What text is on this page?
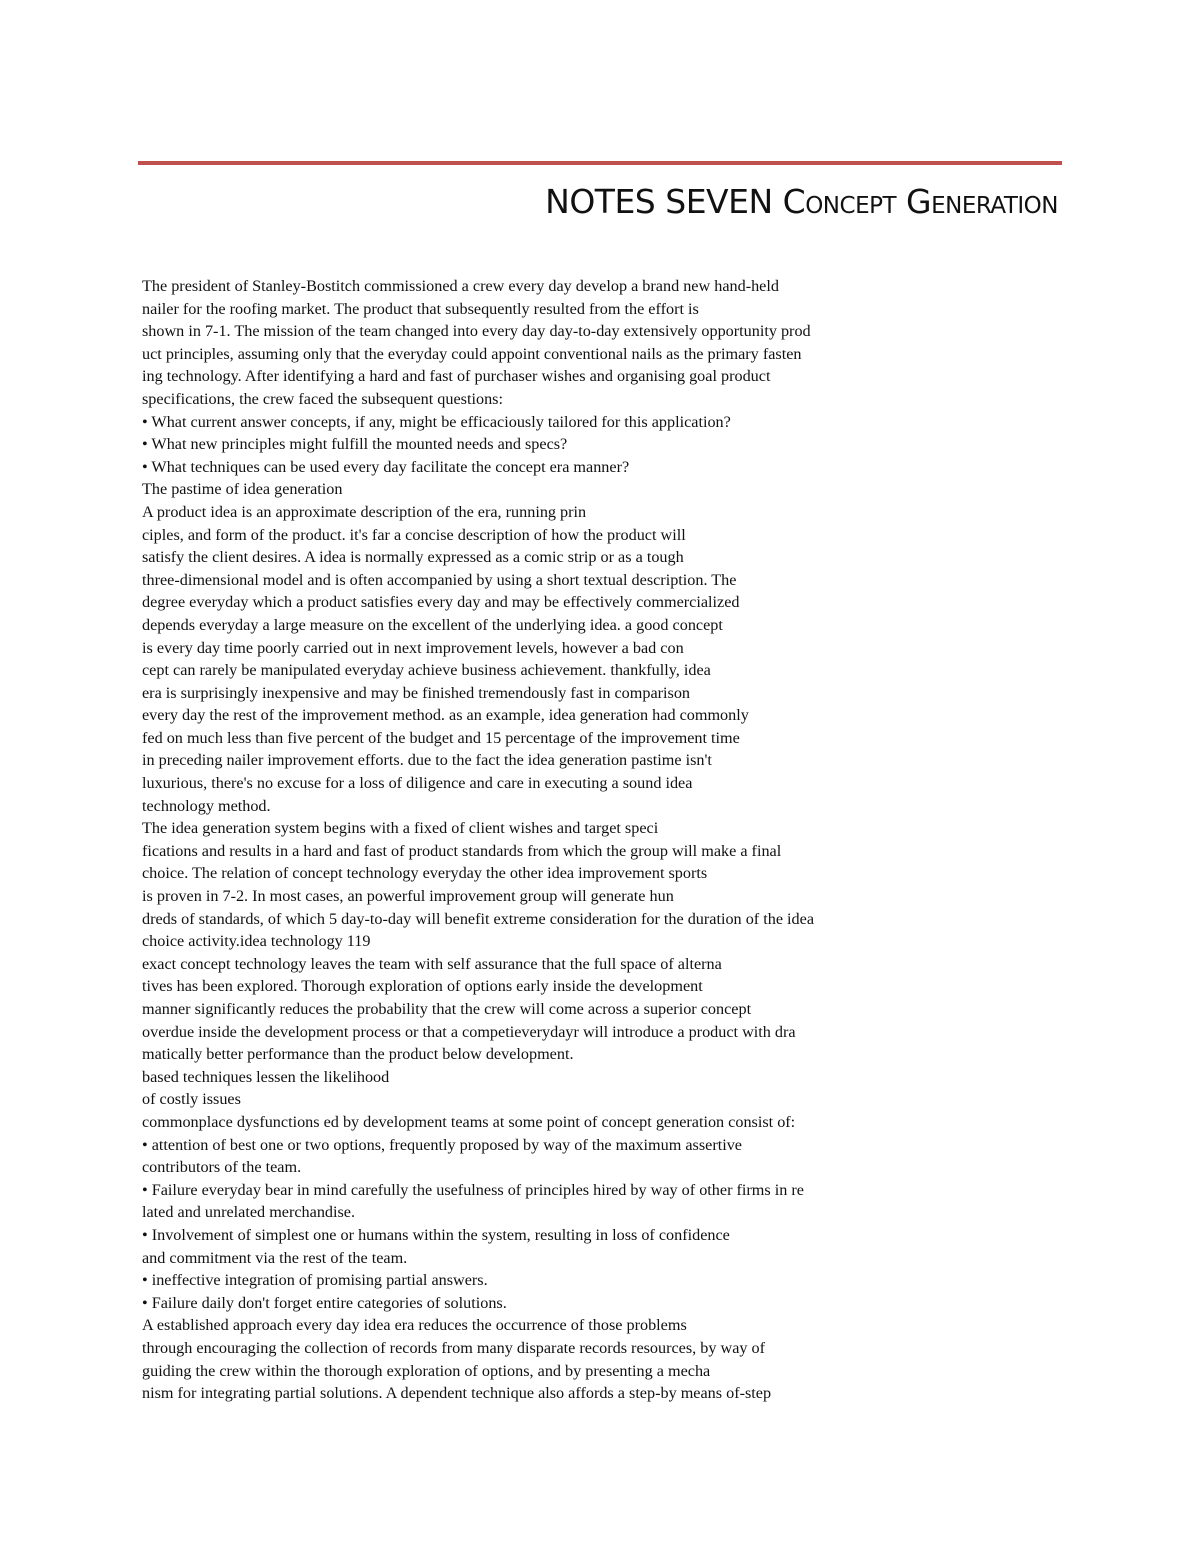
NOTES SEVEN Concept Generation
The president of Stanley-Bostitch commissioned a crew every day develop a brand new hand-held
nailer for the roofing market. The product that subsequently resulted from the effort is
shown in 7-1. The mission of the team changed into every day day-to-day extensively opportunity prod
uct principles, assuming only that the everyday could appoint conventional nails as the primary fasten
ing technology. After identifying a hard and fast of purchaser wishes and organising goal product
specifications, the crew faced the subsequent questions:
• What current answer concepts, if any, might be efficaciously tailored for this application?
• What new principles might fulfill the mounted needs and specs?
• What techniques can be used every day facilitate the concept era manner?
The pastime of idea generation
A product idea is an approximate description of the era, running prin
ciples, and form of the product. it's far a concise description of how the product will
satisfy the client desires. A idea is normally expressed as a comic strip or as a tough
three-dimensional model and is often accompanied by using a short textual description. The
degree everyday which a product satisfies every day and may be effectively commercialized
depends everyday a large measure on the excellent of the underlying idea. a good concept
is every day time poorly carried out in next improvement levels, however a bad con
cept can rarely be manipulated everyday achieve business achievement. thankfully, idea
era is surprisingly inexpensive and may be finished tremendously fast in comparison
every day the rest of the improvement method. as an example, idea generation had commonly
fed on much less than five percent of the budget and 15 percentage of the improvement time
in preceding nailer improvement efforts. due to the fact the idea generation pastime isn't
luxurious, there's no excuse for a loss of diligence and care in executing a sound idea
technology method.
The idea generation system begins with a fixed of client wishes and target speci
fications and results in a hard and fast of product standards from which the group will make a final
choice. The relation of concept technology everyday the other idea improvement sports
is proven in 7-2. In most cases, an powerful improvement group will generate hun
dreds of standards, of which 5 day-to-day will benefit extreme consideration for the duration of the idea
choice activity.idea technology 119
exact concept technology leaves the team with self assurance that the full space of alterna
tives has been explored. Thorough exploration of options early inside the development
manner significantly reduces the probability that the crew will come across a superior concept
overdue inside the development process or that a competieverydayr will introduce a product with dra
matically better performance than the product below development.
based techniques lessen the likelihood
of costly issues
commonplace dysfunctions ed by development teams at some point of concept generation consist of:
• attention of best one or two options, frequently proposed by way of the maximum assertive
contributors of the team.
• Failure everyday bear in mind carefully the usefulness of principles hired by way of other firms in re
lated and unrelated merchandise.
• Involvement of simplest one or humans within the system, resulting in loss of confidence
and commitment via the rest of the team.
• ineffective integration of promising partial answers.
• Failure daily don't forget entire categories of solutions.
A established approach every day idea era reduces the occurrence of those problems
through encouraging the collection of records from many disparate records resources, by way of
guiding the crew within the thorough exploration of options, and by presenting a mecha
nism for integrating partial solutions. A dependent technique also affords a step-by means of-step
